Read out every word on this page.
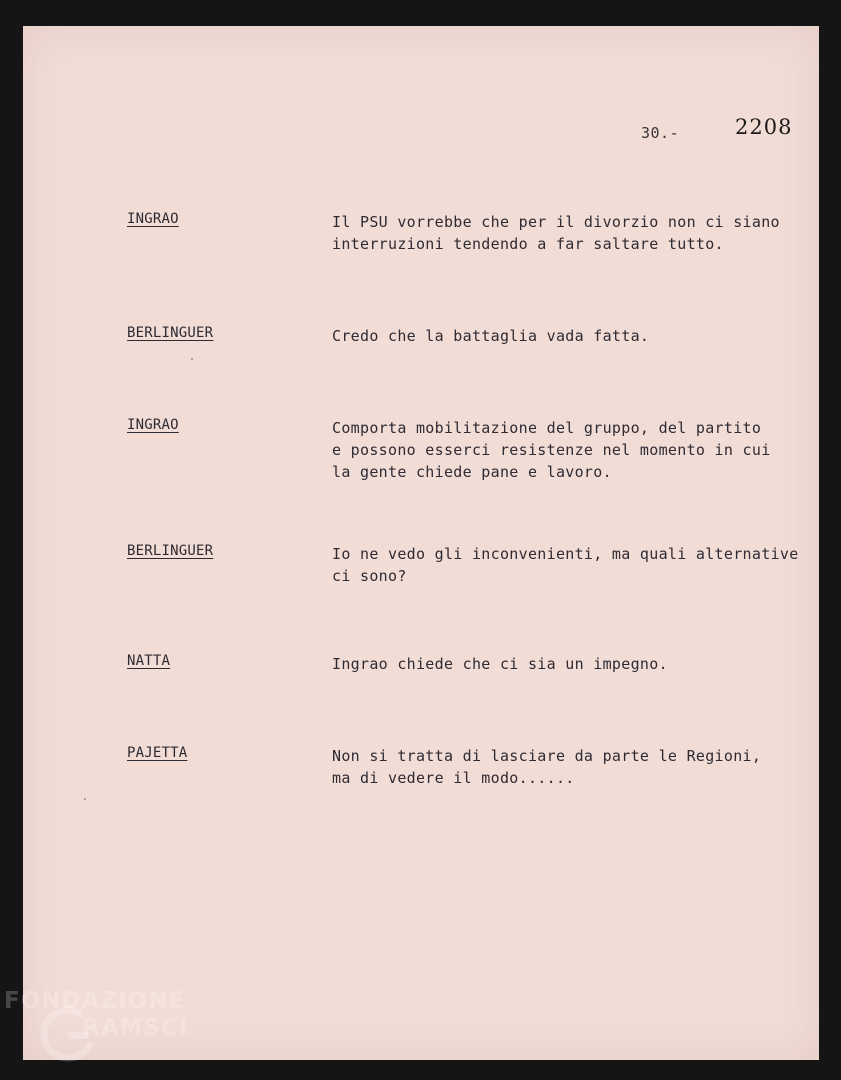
30.-	2208
INGRAO	Il PSU vorrebbe che per il divorzio non ci siano
interruzioni tendendo a far saltare tutto.
BERLINGUER	Credo che la battaglia vada fatta.
INGRAO	Comporta mobilitazione del gruppo, del partito
e possono esserci resistenze nel momento in cui
la gente chiede pane e lavoro.
BERLINGUER	Io ne vedo gli inconvenienti, ma quali alternative
ci sono?
NATTA	Ingrao chiede che ci sia un impegno.
PAJETTA	Non si tratta di lasciare da parte le Regioni,
ma di vedere il modo......
FONDAZIONE
RAMSCI
